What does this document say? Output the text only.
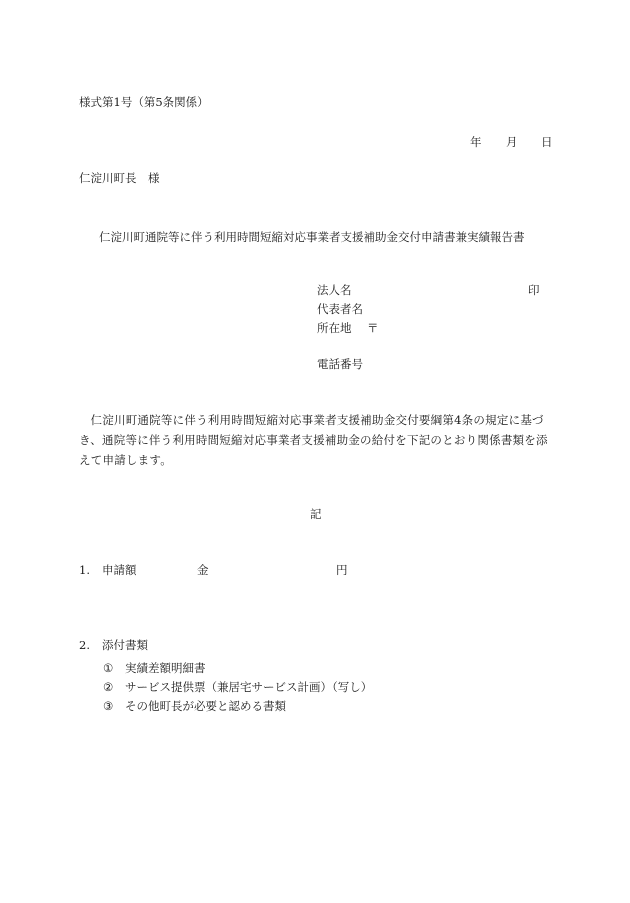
様式第1号（第5条関係）
年 月 日
仁淀川町長　様
仁淀川町通院等に伴う利用時間短縮対応事業者支援補助金交付申請書兼実績報告書
法人名	印
代表者名
所在地 〒
電話番号
仁淀川町通院等に伴う利用時間短縮対応事業者支援補助金交付要綱第4条の規定に基づき、通院等に伴う利用時間短縮対応事業者支援補助金の給付を下記のとおり関係書類を添えて申請します。
記
1. 申請額	金	円
2. 添付書類
① 実績差額明細書
② サービス提供票（兼居宅サービス計画）（写し）
③ その他町長が必要と認める書類
